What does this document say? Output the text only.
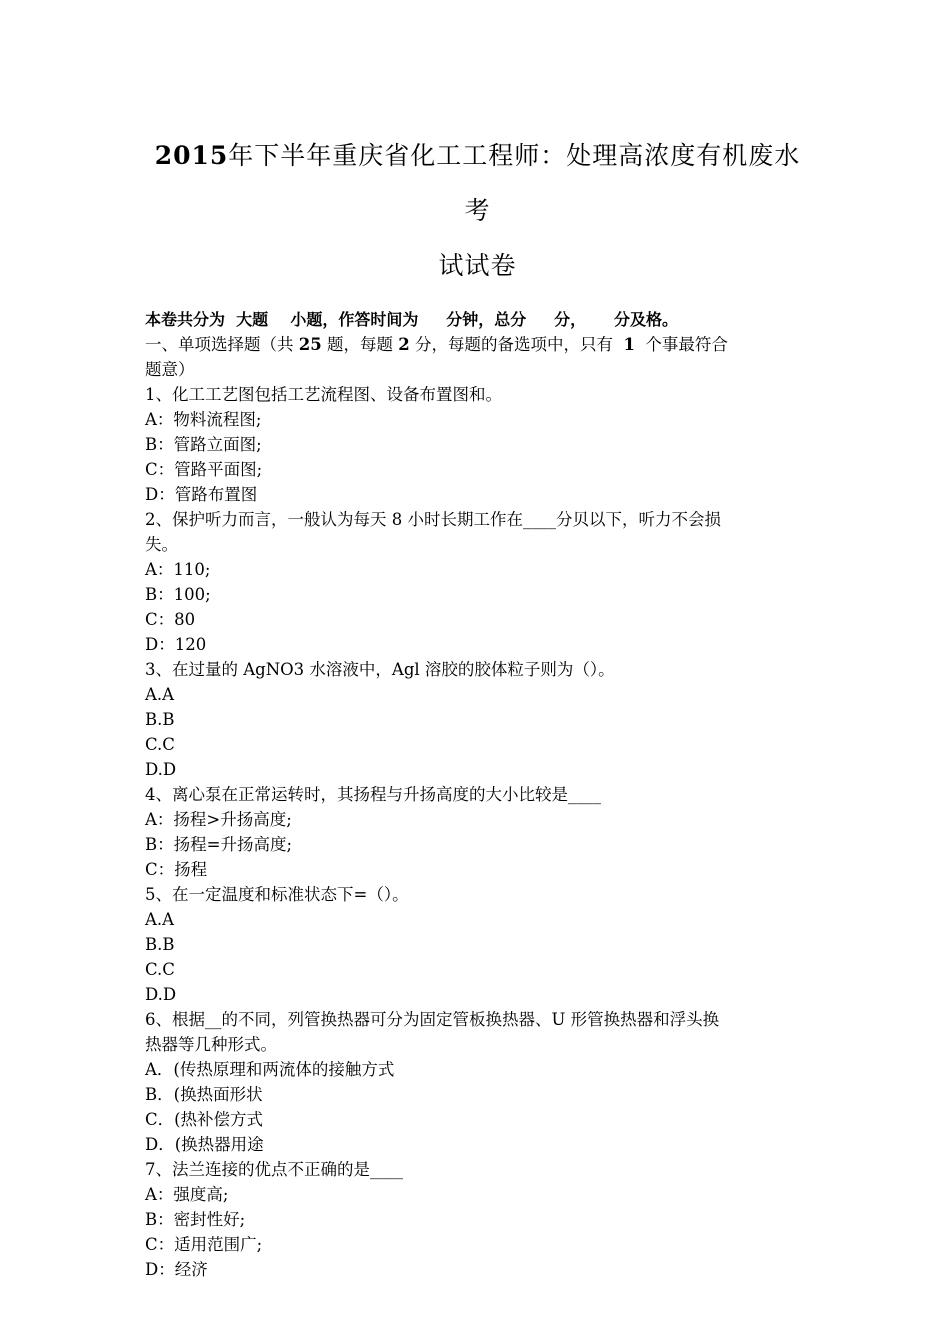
2015年下半年重庆省化工工程师：处理高浓度有机废水考
试试卷
本卷共分为  大题    小题，作答时间为     分钟，总分     分，     分及格。
一、单项选择题（共 25 题，每题 2 分，每题的备选项中，只有  1  个事最符合
题意）
1、化工工艺图包括工艺流程图、设备布置图和。
A：物料流程图;
B：管路立面图;
C：管路平面图;
D：管路布置图
2、保护听力而言，一般认为每天 8 小时长期工作在____分贝以下，听力不会损
失。
A：110;
B：100;
C：80
D：120
3、在过量的 AgNO3 水溶液中，Agl 溶胶的胶体粒子则为（）。
A.A
B.B
C.C
D.D
4、离心泵在正常运转时，其扬程与升扬高度的大小比较是____
A：扬程>升扬高度;
B：扬程=升扬高度;
C：扬程
5、在一定温度和标准状态下=（）。
A.A
B.B
C.C
D.D
6、根据__的不同，列管换热器可分为固定管板换热器、U 形管换热器和浮头换
热器等几种形式。
A．(传热原理和两流体的接触方式
B．(换热面形状
C．(热补偿方式
D．(换热器用途
7、法兰连接的优点不正确的是____
A：强度高;
B：密封性好;
C：适用范围广;
D：经济
